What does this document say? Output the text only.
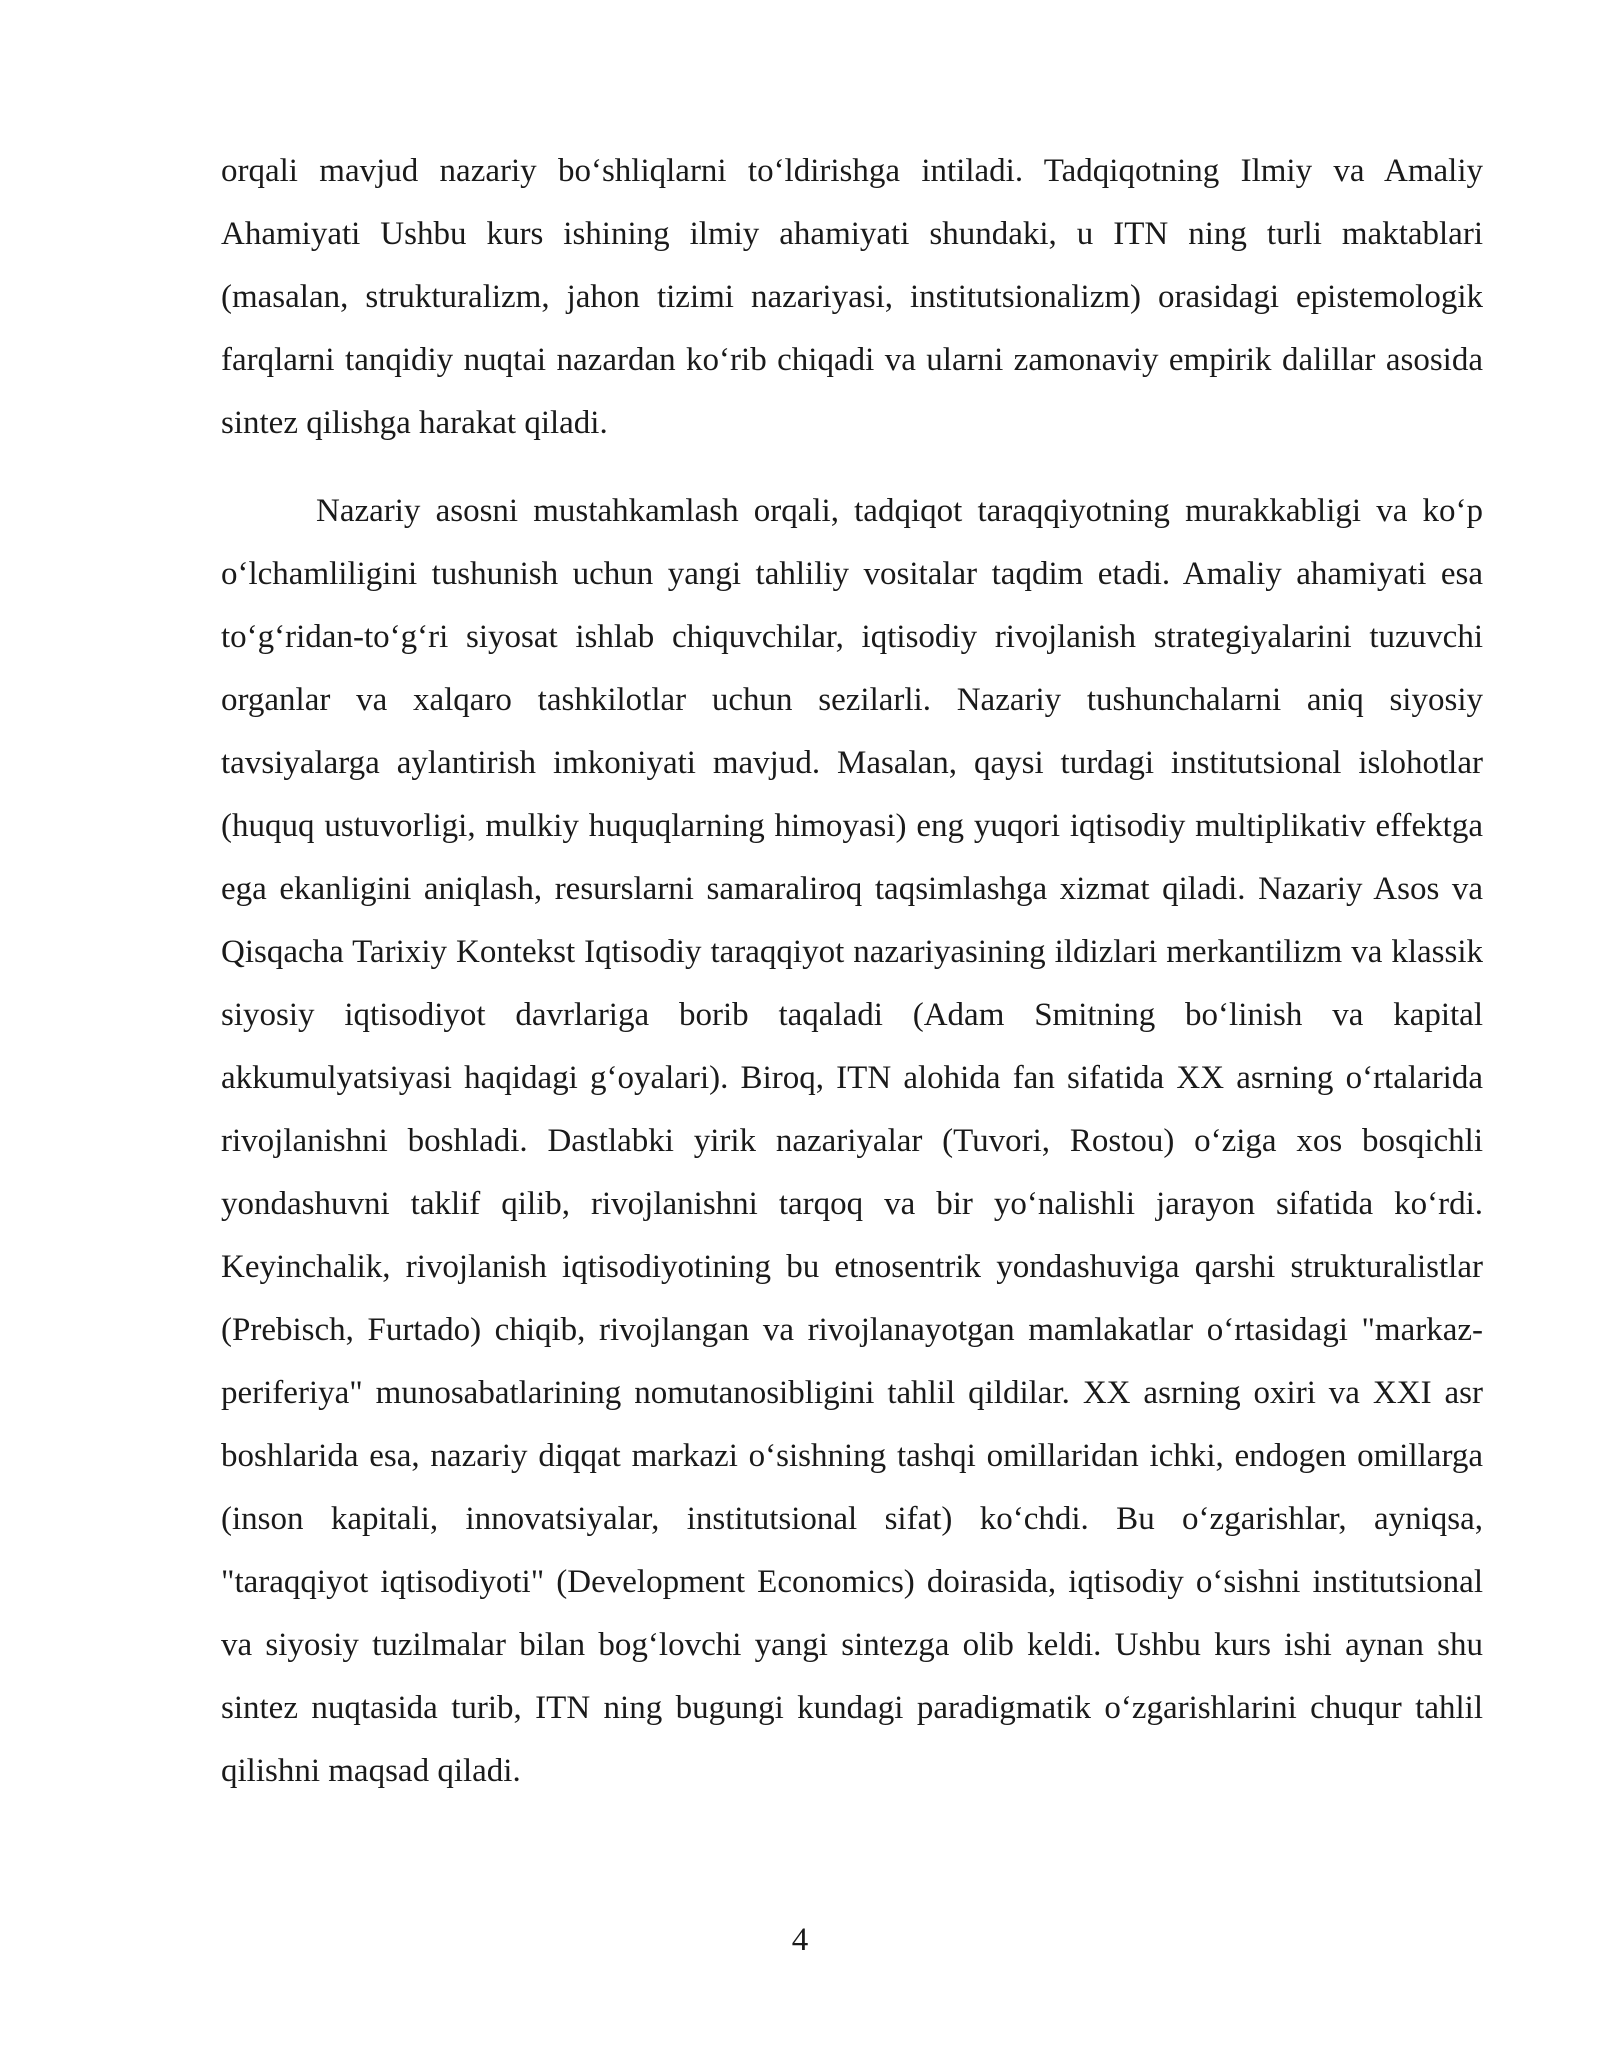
orqali mavjud nazariy bo‘shliqlarni to‘ldirishga intiladi. Tadqiqotning Ilmiy va Amaliy Ahamiyati Ushbu kurs ishining ilmiy ahamiyati shundaki, u ITN ning turli maktablari (masalan, strukturalizm, jahon tizimi nazariyasi, institutsionalizm) orasidagi epistemologik farqlarni tanqidiy nuqtai nazardan ko‘rib chiqadi va ularni zamonaviy empirik dalillar asosida sintez qilishga harakat qiladi.

Nazariy asosni mustahkamlash orqali, tadqiqot taraqqiyotning murakkabligi va ko‘p o‘lchamliligini tushunish uchun yangi tahliliy vositalar taqdim etadi. Amaliy ahamiyati esa to‘g‘ridan-to‘g‘ri siyosat ishlab chiquvchilar, iqtisodiy rivojlanish strategiyalarini tuzuvchi organlar va xalqaro tashkilotlar uchun sezilarli. Nazariy tushunchalarni aniq siyosiy tavsiyalarga aylantirish imkoniyati mavjud. Masalan, qaysi turdagi institutsional islohotlar (huquq ustuvorligi, mulkiy huquqlarning himoyasi) eng yuqori iqtisodiy multiplikativ effektga ega ekanligini aniqlash, resurslarni samaraliroq taqsimlashga xizmat qiladi. Nazariy Asos va Qisqacha Tarixiy Kontekst Iqtisodiy taraqqiyot nazariyasining ildizlari merkantilizm va klassik siyosiy iqtisodiyot davrlariga borib taqaladi (Adam Smitning bo‘linish va kapital akkumulyatsiyasi haqidagi g‘oyalari). Biroq, ITN alohida fan sifatida XX asrning o‘rtalarida rivojlanishni boshladi. Dastlabki yirik nazariyalar (Tuvori, Rostou) o‘ziga xos bosqichli yondashuvni taklif qilib, rivojlanishni tarqoq va bir yo‘nalishli jarayon sifatida ko‘rdi. Keyinchalik, rivojlanish iqtisodiyotining bu etnosentrik yondashuviga qarshi strukturalistlar (Prebisch, Furtado) chiqib, rivojlangan va rivojlanayotgan mamlakatlar o‘rtasidagi "markaz-periferiya" munosabatlarining nomutanosibligini tahlil qildilar. XX asrning oxiri va XXI asr boshlarida esa, nazariy diqqat markazi o‘sishning tashqi omillaridan ichki, endogen omillarga (inson kapitali, innovatsiyalar, institutsional sifat) ko‘chdi. Bu o‘zgarishlar, ayniqsa, "taraqqiyot iqtisodiyoti" (Development Economics) doirasida, iqtisodiy o‘sishni institutsional va siyosiy tuzilmalar bilan bog‘lovchi yangi sintezga olib keldi. Ushbu kurs ishi aynan shu sintez nuqtasida turib, ITN ning bugungi kundagi paradigmatik o‘zgarishlarini chuqur tahlil qilishni maqsad qiladi.

4
